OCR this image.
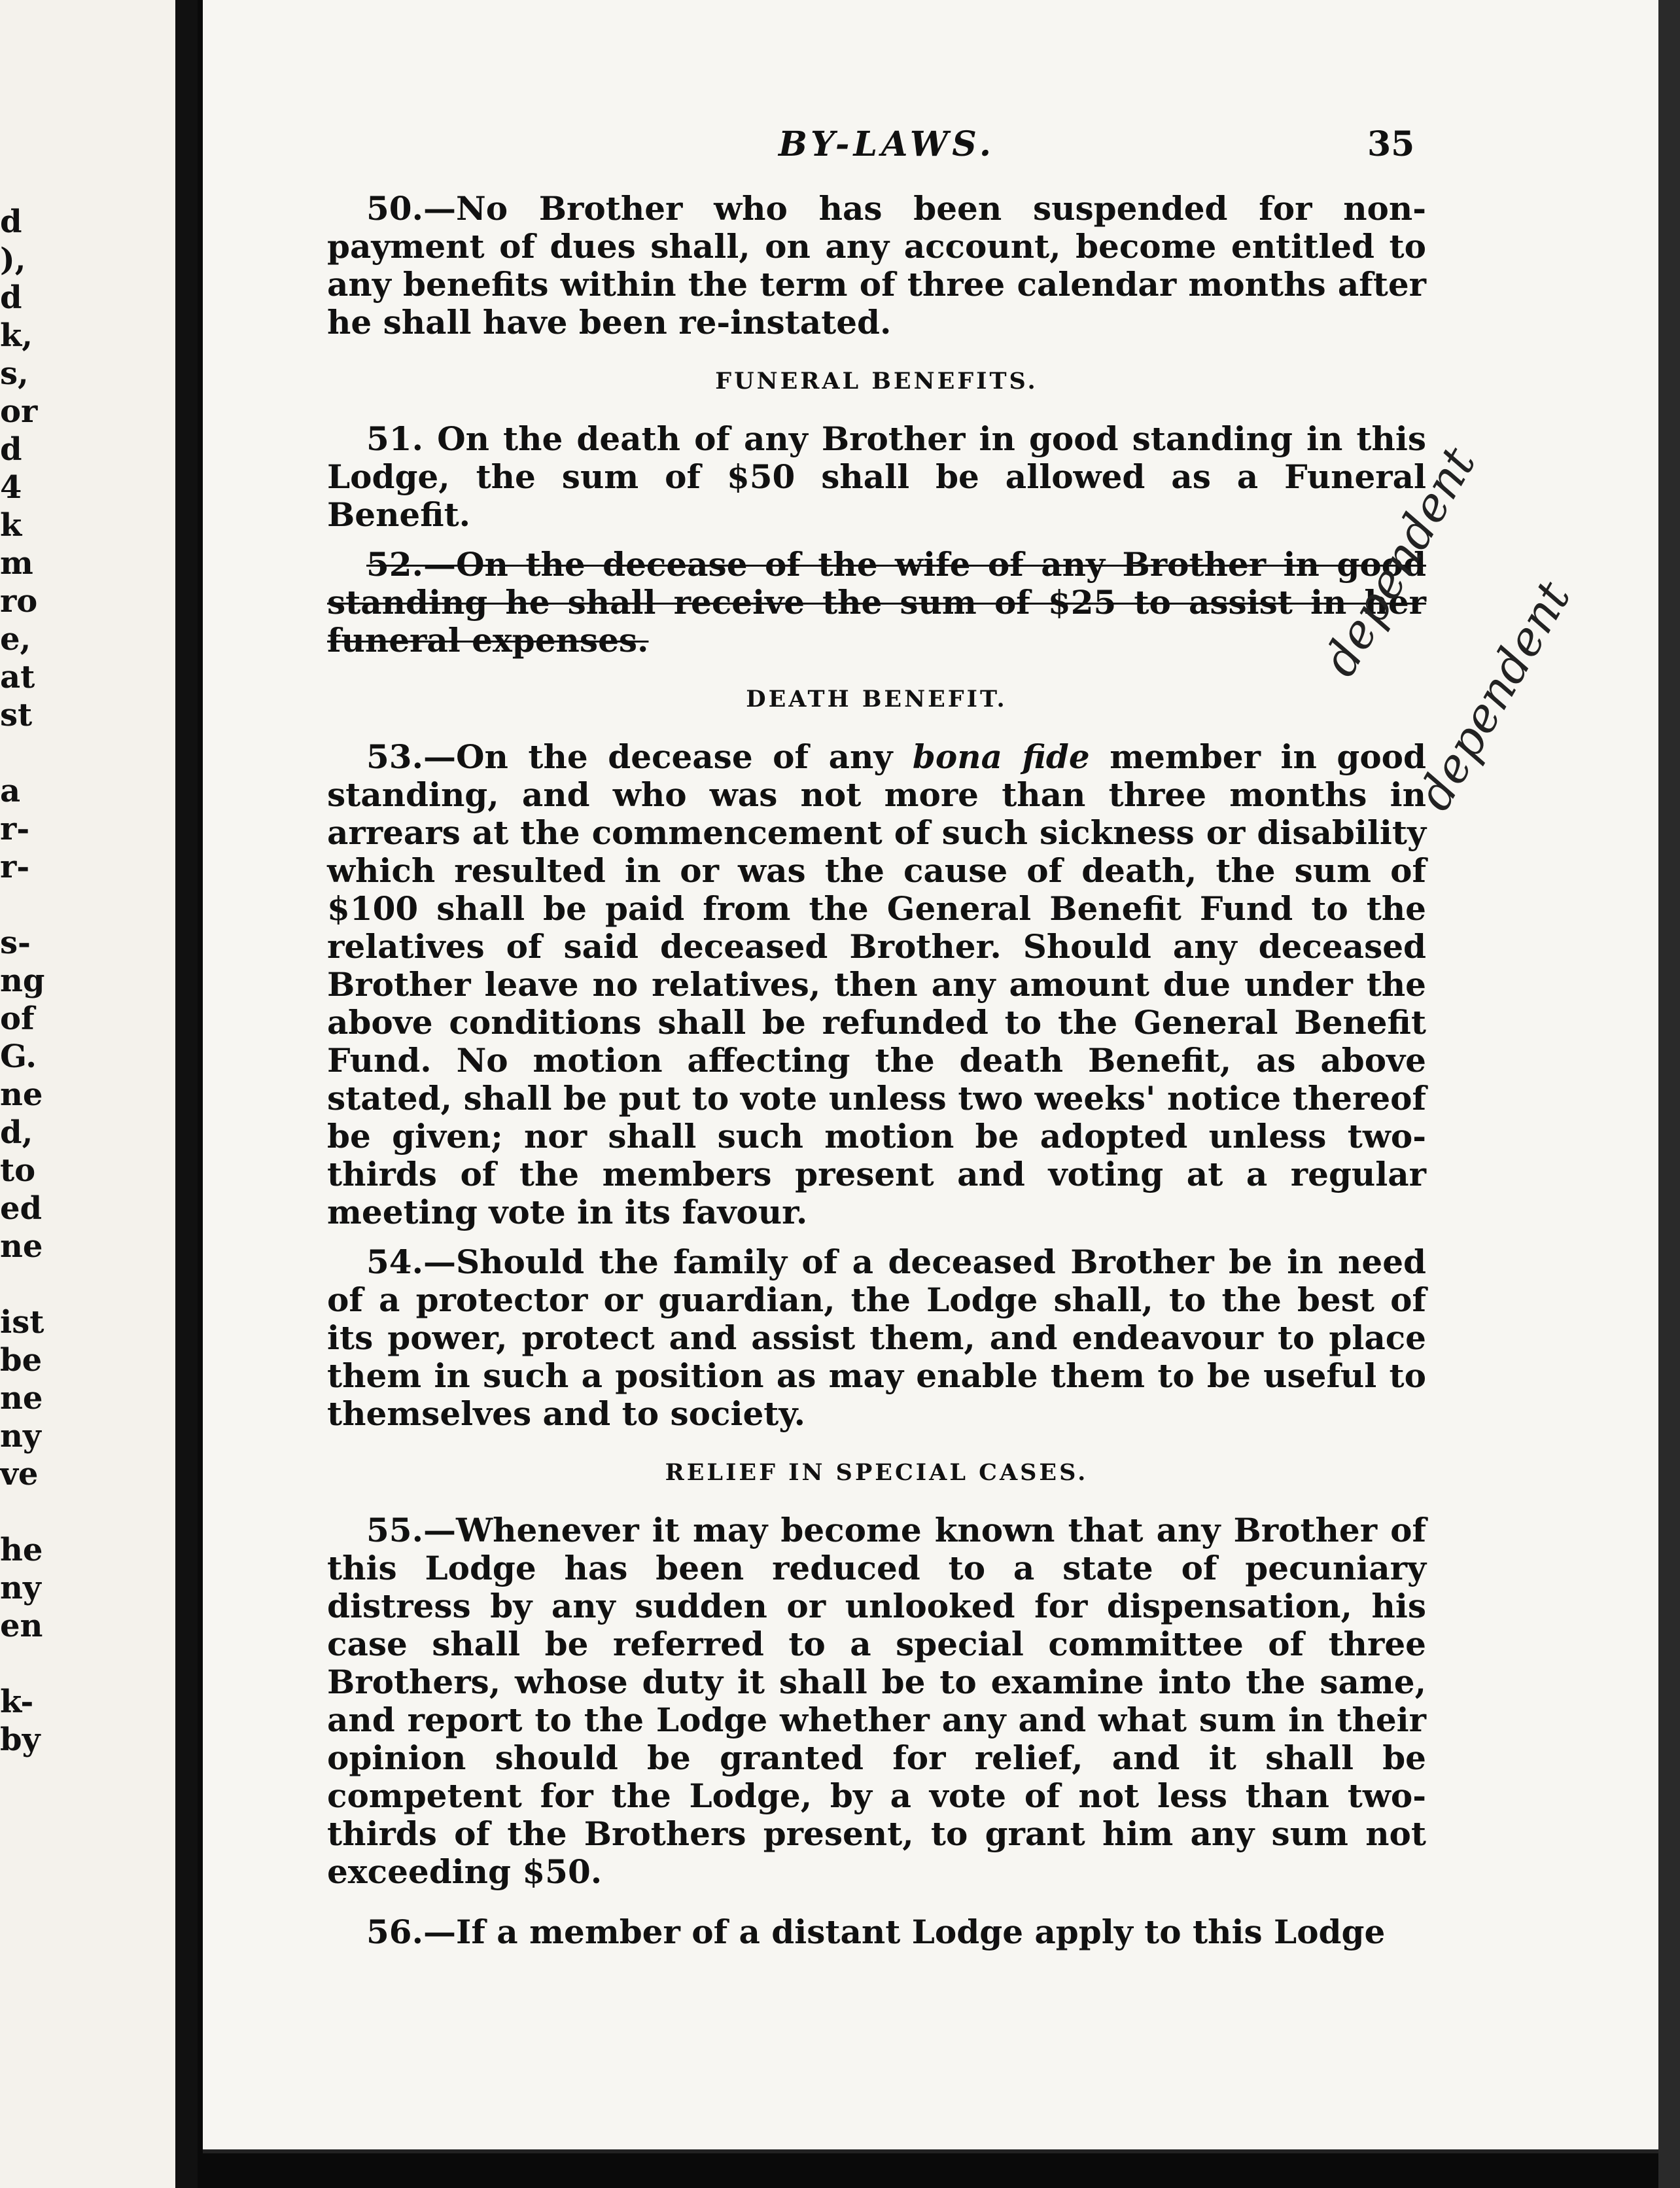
d
),
d
k,
s,
or
d
4
k
m
ro
e,
at
st
a
r-
r-
s-
ng
of
G.
ne
d,
to
ed
ne
ist
be
ne
ny
ve
he
ny
en
k-
by
BY-LAWS.	35

50.—No Brother who has been suspended for non-payment of dues shall, on any account, become entitled to any benefits within the term of three calendar months after he shall have been re-instated.

FUNERAL BENEFITS.

51. On the death of any Brother in good standing in this Lodge, the sum of $50 shall be allowed as a Funeral Benefit.

52.—On the decease of the wife of any Brother in good standing he shall receive the sum of $25 to assist in her funeral expenses.

DEATH BENEFIT.

53.—On the decease of any bona fide member in good standing, and who was not more than three months in arrears at the commencement of such sickness or disability which resulted in or was the cause of death, the sum of $100 shall be paid from the General Benefit Fund to the relatives of said deceased Brother. Should any deceased Brother leave no relatives, then any amount due under the above conditions shall be refunded to the General Benefit Fund. No motion affecting the death Benefit, as above stated, shall be put to vote unless two weeks' notice thereof be given; nor shall such motion be adopted unless two-thirds of the members present and voting at a regular meeting vote in its favour.

54.—Should the family of a deceased Brother be in need of a protector or guardian, the Lodge shall, to the best of its power, protect and assist them, and endeavour to place them in such a position as may enable them to be useful to themselves and to society.

RELIEF IN SPECIAL CASES.

55.—Whenever it may become known that any Brother of this Lodge has been reduced to a state of pecuniary distress by any sudden or unlooked for dispensation, his case shall be referred to a special committee of three Brothers, whose duty it shall be to examine into the same, and report to the Lodge whether any and what sum in their opinion should be granted for relief, and it shall be competent for the Lodge, by a vote of not less than two-thirds of the Brothers present, to grant him any sum not exceeding $50.

56.—If a member of a distant Lodge apply to this Lodge

dependent
dependent
